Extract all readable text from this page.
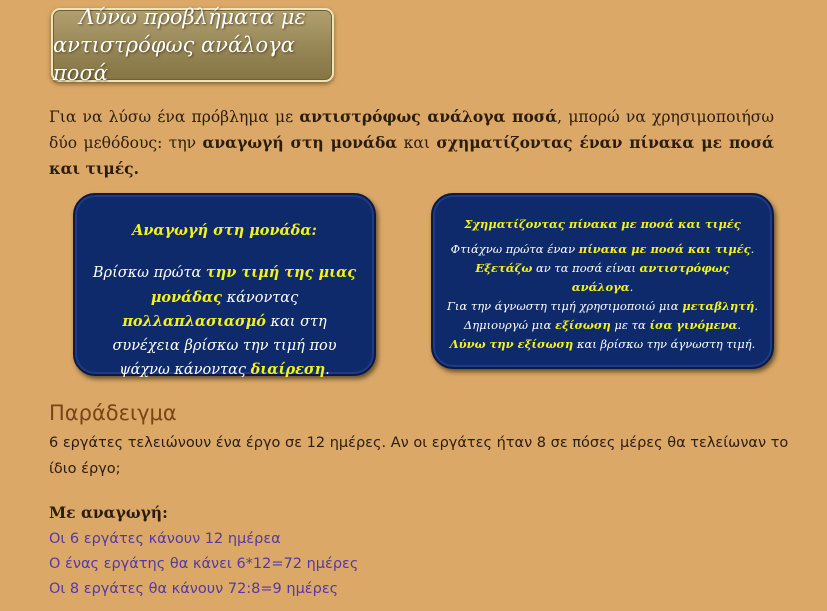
Λύνω προβλήματα με
αντιστρόφως ανάλογα ποσά

Για να λύσω ένα πρόβλημα με αντιστρόφως ανάλογα ποσά, μπορώ να χρησιμοποιήσω δύο μεθόδους: την αναγωγή στη μονάδα και σχηματίζοντας έναν πίνακα με ποσά και τιμές.

Αναγωγή στη μονάδα:
Βρίσκω πρώτα την τιμή της μιας μονάδας κάνοντας πολλαπλασιασμό και στη συνέχεια βρίσκω την τιμή που ψάχνω κάνοντας διαίρεση.
Σχηματίζοντας πίνακα με ποσά και τιμές
Φτιάχνω πρώτα έναν πίνακα με ποσά και τιμές.
Εξετάζω αν τα ποσά είναι αντιστρόφως ανάλογα.
Για την άγνωστη τιμή χρησιμοποιώ μια μεταβλητή.
Δημιουργώ μια εξίσωση με τα ίσα γινόμενα.
Λύνω την εξίσωση και βρίσκω την άγνωστη τιμή.
Παράδειγμα
6 εργάτες τελειώνουν ένα έργο σε 12 ημέρες. Αν οι εργάτες ήταν 8 σε πόσες μέρες θα τελείωναν το ίδιο έργο;
Με αναγωγή:
Οι 6 εργάτες κάνουν 12 ημέρεα
Ο ένας εργάτης θα κάνει 6*12=72 ημέρες
Οι 8 εργάτες θα κάνουν 72:8=9 ημέρες
